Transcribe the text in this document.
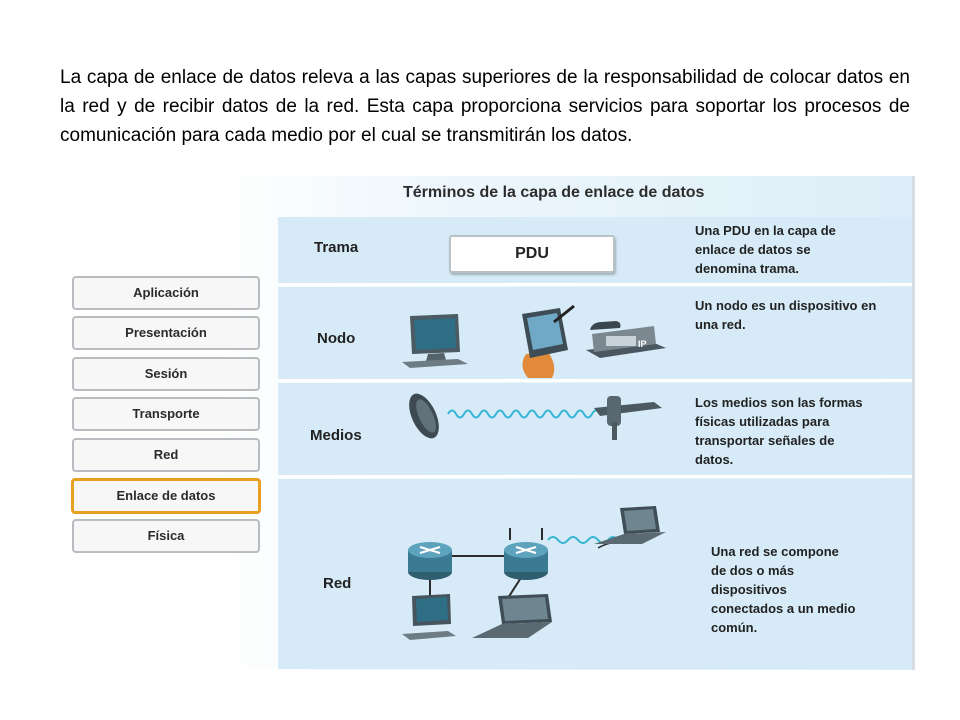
La capa de enlace de datos releva a las capas superiores de la responsabilidad de colocar datos en la red y de recibir datos de la red. Esta capa proporciona servicios para soportar los procesos de comunicación para cada medio por el cual se transmitirán los datos.

Términos de la capa de enlace de datos
Trama	PDU
Una PDU en la capa de
enlace de datos se
denomina trama.
Nodo	IP
Un nodo es un dispositivo en
una red.
Medios
Los medios son las formas
físicas utilizadas para
transportar señales de
datos.
Red
Una red se compone
de dos o más
dispositivos
conectados a un medio
común.
Aplicación
Presentación
Sesión
Transporte
Red
Enlace de datos
Física
